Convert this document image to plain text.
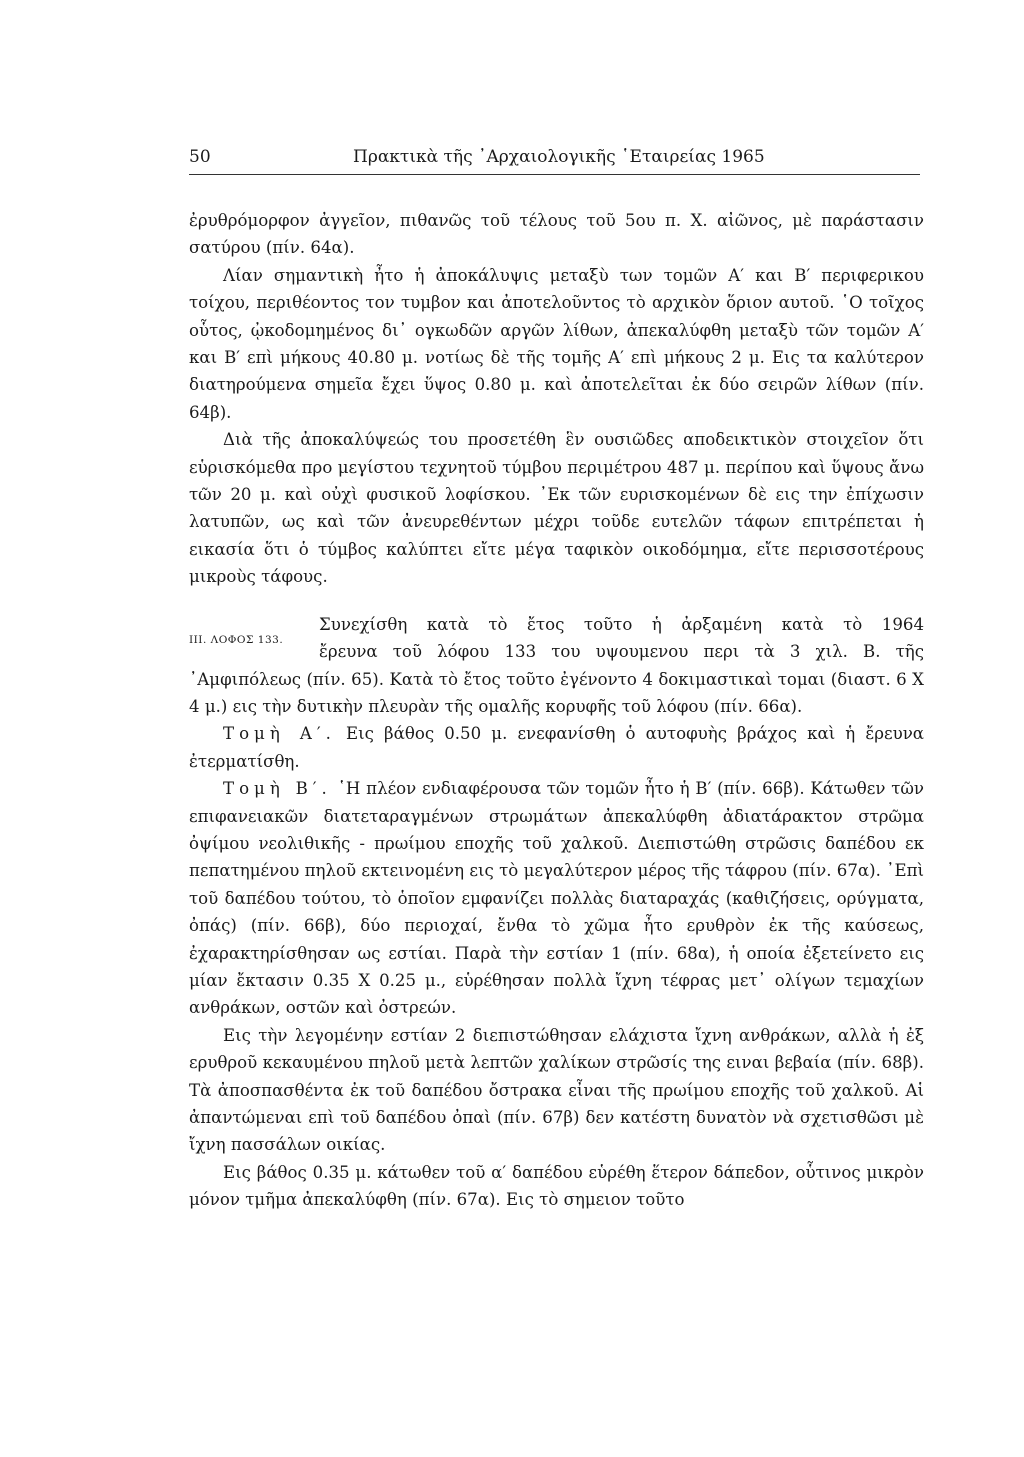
50	Πρακτικὰ τῆς ᾿Αρχαιολογικῆς ῾Εταιρείας 1965

ἐρυθρόμορφον ἀγγεῖον, πιθανῶς τοῦ τέλους τοῦ 5ου π. Χ. αἰῶνος, μὲ παράστασιν σατύρου (πίν. 64α).

Λίαν σημαντικὴ ἦτο ἡ ἀποκάλυψις μεταξὺ των τομῶν Α′ και Β′ περιφερικου τοίχου, περιθέοντος τον τυμβον και ἀποτελοῦντος τὸ αρχικὸν ὅριον αυτοῦ. ῾Ο τοῖχος οὗτος, ᾠκοδομημένος δι᾿ ογκωδῶν αργῶν λίθων, ἀπεκαλύφθη μεταξὺ τῶν τομῶν Α′ και Β′ επὶ μήκους 40.80 μ. νοτίως δὲ τῆς τομῆς Α′ επὶ μήκους 2 μ. Εις τα καλύτερον διατηρούμενα σημεῖα ἔχει ὕψος 0.80 μ. καὶ ἀποτελεῖται ἐκ δύο σειρῶν λίθων (πίν. 64β).

Διὰ τῆς ἀποκαλύψεώς του προσετέθη ἓν ουσιῶδες αποδεικτικὸν στοιχεῖον ὅτι εὑρισκόμεθα προ μεγίστου τεχνητοῦ τύμβου περιμέτρου 487 μ. περίπου καὶ ὕψους ἄνω τῶν 20 μ. καὶ οὐχὶ φυσικοῦ λοφίσκου. ᾿Εκ τῶν ευρισκομένων δὲ εις την ἐπίχωσιν λατυπῶν, ως καὶ τῶν ἀνευρεθέντων μέχρι τοῦδε ευτελῶν τάφων επιτρέπεται ἡ εικασία ὅτι ὁ τύμβος καλύπτει εἴτε μέγα ταφικὸν οικοδόμημα, εἴτε περισσοτέρους μικροὺς τάφους.

ΙΙΙ. ΛΟΦΟΣ 133.

Συνεχίσθη κατὰ τὸ ἔτος τοῦτο ἡ ἀρξαμένη κατὰ τὸ 1964

ἔρευνα τοῦ λόφου 133 του υψουμενου περι τὰ 3 χιλ. Β. τῆς

᾿Αμφιπόλεως (πίν. 65). Κατὰ τὸ ἔτος τοῦτο ἐγένοντο 4 δοκιμαστικαὶ τομαι (διαστ. 6 X 4 μ.) εις τὴν δυτικὴν πλευρὰν τῆς ομαλῆς κορυφῆς τοῦ λόφου (πίν. 66α).

Τομὴ Α′. Εις βάθος 0.50 μ. ενεφανίσθη ὁ αυτοφυὴς βράχος καὶ ἡ ἔρευνα ἐτερματίσθη.

Τομὴ Β′. ῾Η πλέον ενδιαφέρουσα τῶν τομῶν ἦτο ἡ Β′ (πίν. 66β). Κάτωθεν τῶν επιφανειακῶν διατεταραγμένων στρωμάτων ἀπεκαλύφθη ἀδιατάρακτον στρῶμα ὀψίμου νεολιθικῆς - πρωίμου εποχῆς τοῦ χαλκοῦ. Διεπιστώθη στρῶσις δαπέδου εκ πεπατημένου πηλοῦ εκτεινομένη εις τὸ μεγαλύτερον μέρος τῆς τάφρου (πίν. 67α). ᾿Επὶ τοῦ δαπέδου τούτου, τὸ ὁποῖον εμφανίζει πολλὰς διαταραχάς (καθιζήσεις, ορύγματα, ὀπάς) (πίν. 66β), δύο περιοχαί, ἔνθα τὸ χῶμα ἦτο ερυθρὸν ἐκ τῆς καύσεως, ἐχαρακτηρίσθησαν ως εστίαι. Παρὰ τὴν εστίαν 1 (πίν. 68α), ἡ οποία ἐξετείνετο εις μίαν ἔκτασιν 0.35 X 0.25 μ., εὑρέθησαν πολλὰ ἴχνη τέφρας μετ᾿ ολίγων τεμαχίων ανθράκων, οστῶν καὶ ὀστρεών.

Εις τὴν λεγομένην εστίαν 2 διεπιστώθησαν ελάχιστα ἴχνη ανθράκων, αλλὰ ἡ ἐξ ερυθροῦ κεκαυμένου πηλοῦ μετὰ λεπτῶν χαλίκων στρῶσίς της ειναι βεβαία (πίν. 68β). Τὰ ἀποσπασθέντα ἐκ τοῦ δαπέδου ὄστρακα εἶναι τῆς πρωίμου εποχῆς τοῦ χαλκοῦ. Αἱ ἀπαντώμεναι επὶ τοῦ δαπέδου ὀπαὶ (πίν. 67β) δεν κατέστη δυνατὸν νὰ σχετισθῶσι μὲ ἴχνη πασσάλων οικίας.

Εις βάθος 0.35 μ. κάτωθεν τοῦ α′ δαπέδου εὑρέθη ἕτερον δάπεδον, οὗτινος μικρὸν μόνον τμῆμα ἀπεκαλύφθη (πίν. 67α). Εις τὸ σημειον τοῦτο
